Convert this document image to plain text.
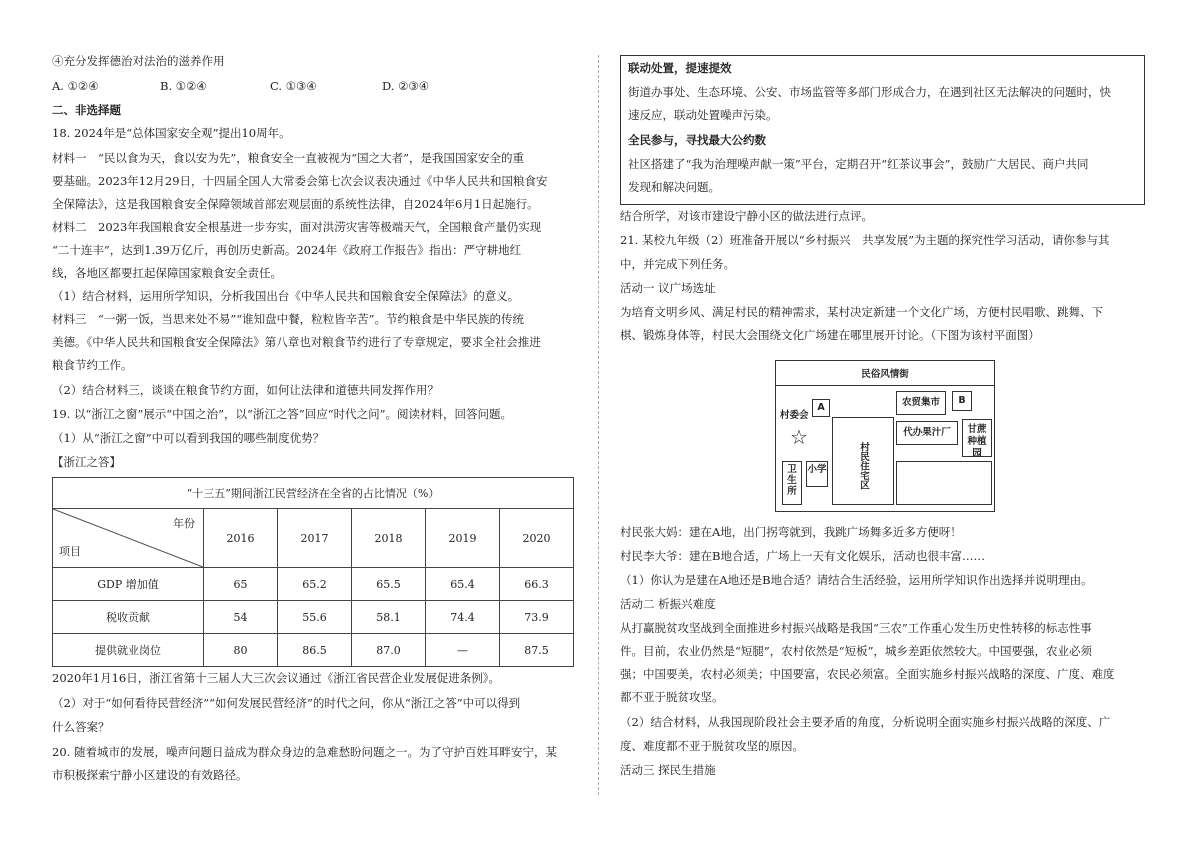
④充分发挥德治对法治的滋养作用
A. ①②④	B. ①②④	C. ①③④	D. ②③④
二、非选择题
18. 2024年是“总体国家安全观”提出10周年。
材料一　“民以食为天，食以安为先”，粮食安全一直被视为“国之大者”，是我国国家安全的重
要基础。2023年12月29日，十四届全国人大常委会第七次会议表决通过《中华人民共和国粮食安
全保障法》，这是我国粮食安全保障领域首部宏观层面的系统性法律，自2024年6月1日起施行。
材料二　2023年我国粮食安全根基进一步夯实，面对洪涝灾害等极端天气，全国粮食产量仍实现
“二十连丰”，达到1.39万亿斤，再创历史新高。2024年《政府工作报告》指出：严守耕地红
线，各地区都要扛起保障国家粮食安全责任。
（1）结合材料，运用所学知识，分析我国出台《中华人民共和国粮食安全保障法》的意义。
材料三　“一粥一饭，当思来处不易”“谁知盘中餐，粒粒皆辛苦”。节约粮食是中华民族的传统
美德。《中华人民共和国粮食安全保障法》第八章也对粮食节约进行了专章规定，要求全社会推进
粮食节约工作。
（2）结合材料三，谈谈在粮食节约方面，如何让法律和道德共同发挥作用？
19. 以“浙江之窗”展示“中国之治”，以“浙江之答”回应“时代之问”。阅读材料，回答问题。
（1）从“浙江之窗”中可以看到我国的哪些制度优势？
【浙江之答】
“十三五”期间浙江民营经济在全省的占比情况（%）					

年份
项目	2016	2017	2018	2019	2020
GDP 增加值	65	65.2	65.5	65.4	66.3
税收贡献	54	55.6	58.1	74.4	73.9
提供就业岗位	80	86.5	87.0	—	87.5
2020年1月16日，浙江省第十三届人大三次会议通过《浙江省民营企业发展促进条例》。
（2）对于“如何看待民营经济”“如何发展民营经济”的时代之问，你从“浙江之答”中可以得到
什么答案？
20. 随着城市的发展，噪声问题日益成为群众身边的急难愁盼问题之一。为了守护百姓耳畔安宁，某
市积极探索宁静小区建设的有效路径。
联动处置，提速提效
街道办事处、生态环境、公安、市场监管等多部门形成合力，在遇到社区无法解决的问题时，快
速反应，联动处置噪声污染。
全民参与，寻找最大公约数
社区搭建了“我为治理噪声献一策”平台，定期召开“红茶议事会”，鼓励广大居民、商户共同
发现和解决问题。
结合所学，对该市建设宁静小区的做法进行点评。
21. 某校九年级（2）班准备开展以“乡村振兴　共享发展”为主题的探究性学习活动，请你参与其
中，并完成下列任务。
活动一 议广场选址
为培育文明乡风、满足村民的精神需求，某村决定新建一个文化广场，方便村民唱歌、跳舞、下
棋、锻炼身体等，村民大会围绕文化广场建在哪里展开讨论。（下图为该村平面图）
民俗风情街
村委会
A
☆
村民住宅区
农贸集市	B
代办果汁厂	甘蔗种植园
卫生所
小学
村民张大妈：建在A地，出门拐弯就到，我跳广场舞多近多方便呀！
村民李大爷：建在B地合适，广场上一天有文化娱乐，活动也很丰富……
（1）你认为是建在A地还是B地合适？请结合生活经验，运用所学知识作出选择并说明理由。
活动二 析振兴难度
从打赢脱贫攻坚战到全面推进乡村振兴战略是我国“三农”工作重心发生历史性转移的标志性事
件。目前，农业仍然是“短腿”，农村依然是“短板”，城乡差距依然较大。中国要强，农业必须
强；中国要美，农村必须美；中国要富，农民必须富。全面实施乡村振兴战略的深度、广度、难度
都不亚于脱贫攻坚。
（2）结合材料，从我国现阶段社会主要矛盾的角度，分析说明全面实施乡村振兴战略的深度、广
度、难度都不亚于脱贫攻坚的原因。
活动三 探民生措施
